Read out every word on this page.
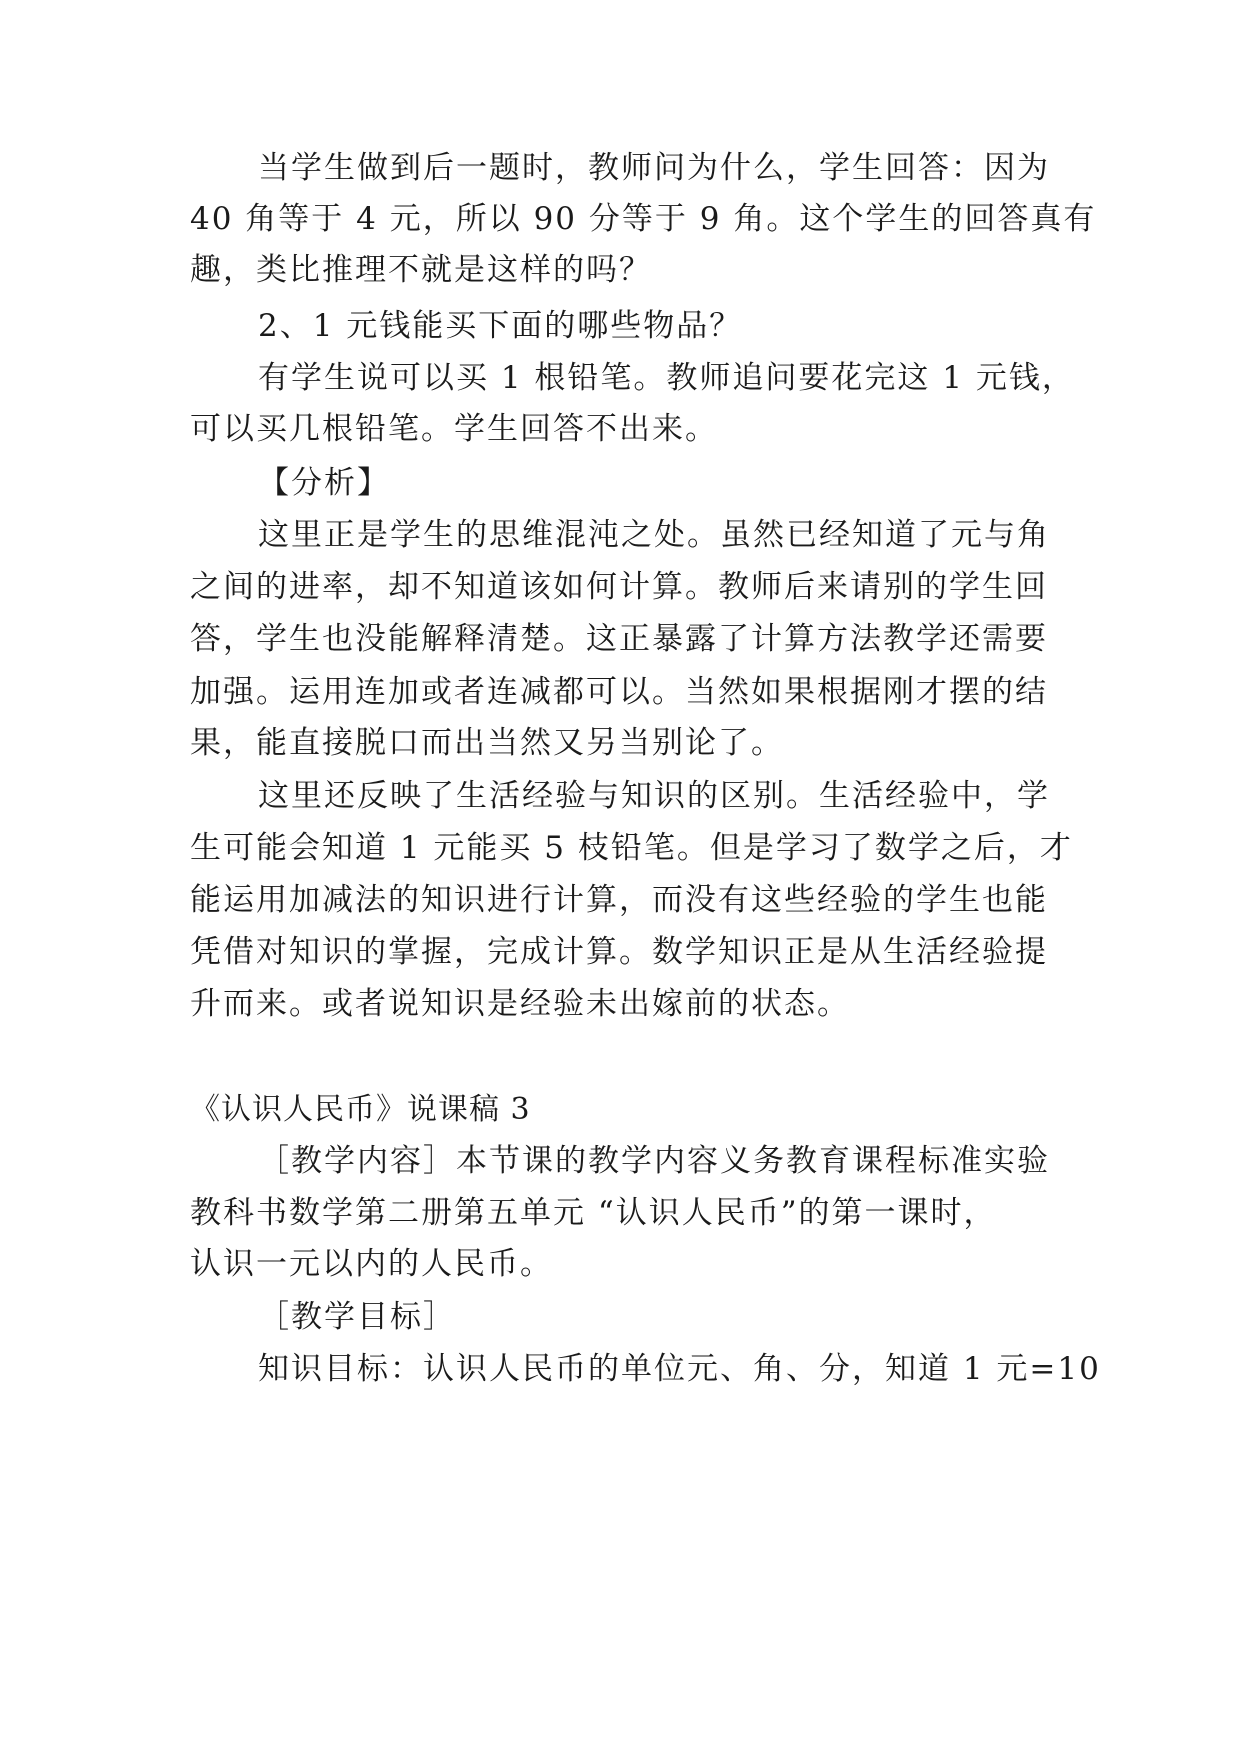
当学生做到后一题时，教师问为什么，学生回答：因为
40 角等于 4 元，所以 90 分等于 9 角。这个学生的回答真有
趣，类比推理不就是这样的吗？
2、1 元钱能买下面的哪些物品？
有学生说可以买 1 根铅笔。教师追问要花完这 1 元钱，
可以买几根铅笔。学生回答不出来。
【分析】
这里正是学生的思维混沌之处。虽然已经知道了元与角
之间的进率，却不知道该如何计算。教师后来请别的学生回
答，学生也没能解释清楚。这正暴露了计算方法教学还需要
加强。运用连加或者连减都可以。当然如果根据刚才摆的结
果，能直接脱口而出当然又另当别论了。
这里还反映了生活经验与知识的区别。生活经验中，学
生可能会知道 1 元能买 5 枝铅笔。但是学习了数学之后，才
能运用加减法的知识进行计算，而没有这些经验的学生也能
凭借对知识的掌握，完成计算。数学知识正是从生活经验提
升而来。或者说知识是经验未出嫁前的状态。
《认识人民币》说课稿 3
［教学内容］本节课的教学内容义务教育课程标准实验
教科书数学第二册第五单元 “认识人民币”的第一课时，
认识一元以内的人民币。
［教学目标］
知识目标：认识人民币的单位元、角、分，知道 1 元=10
